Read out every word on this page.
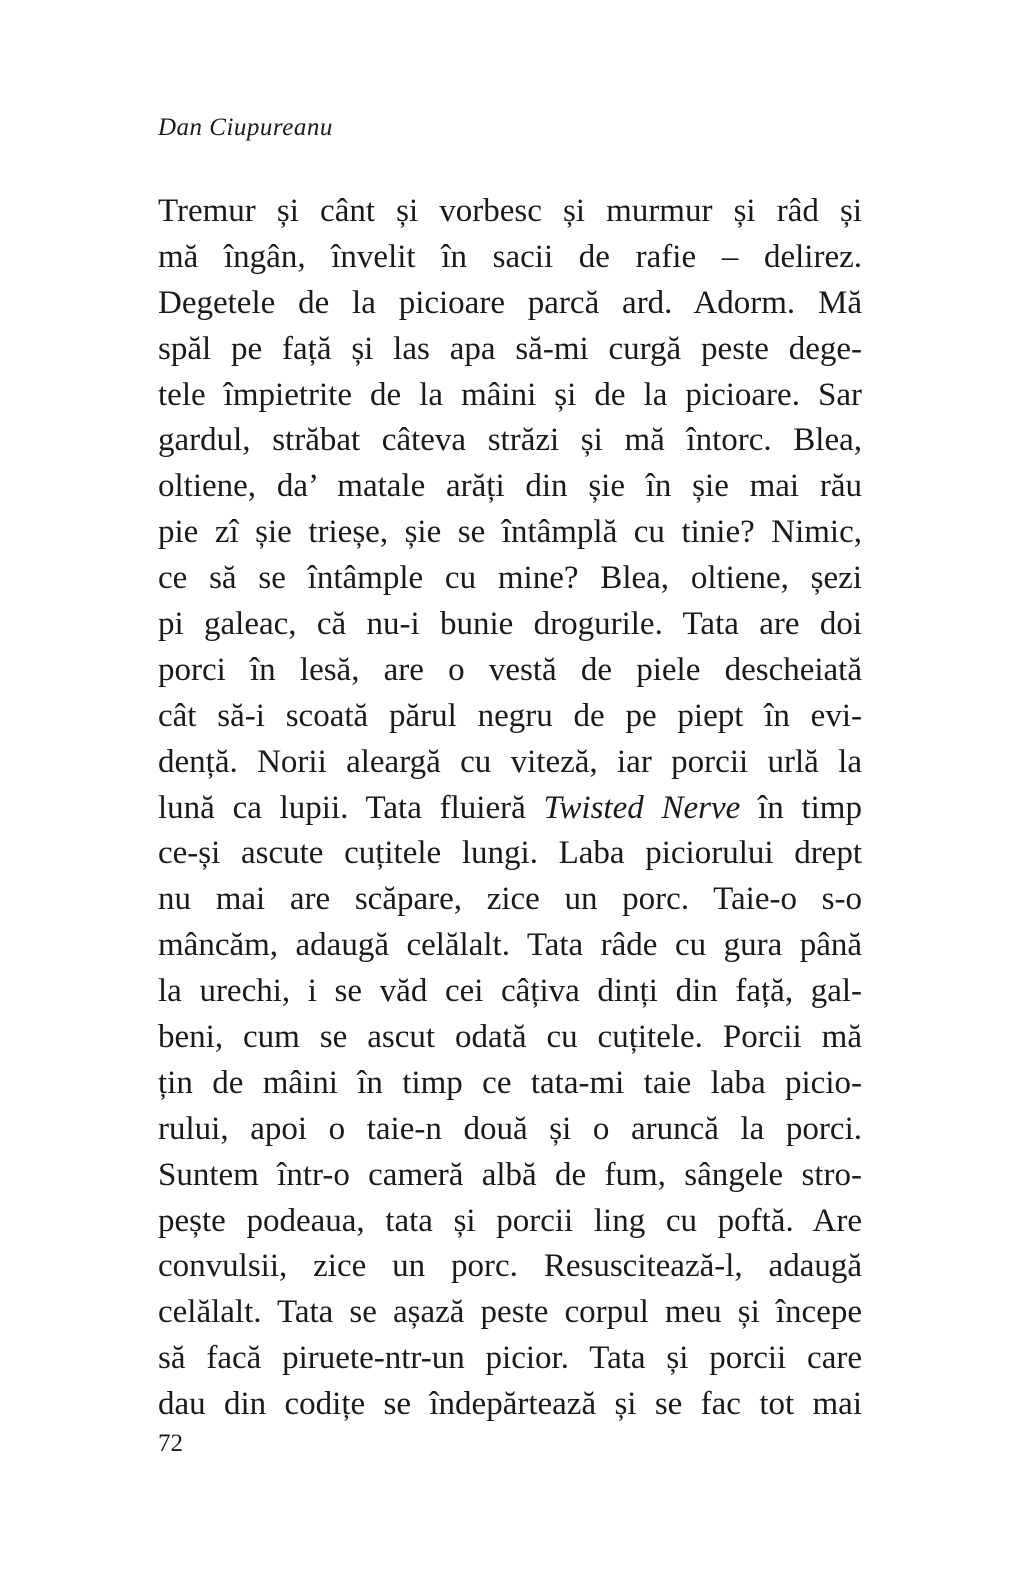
Dan Ciupureanu
Tremur și cânt și vorbesc și murmur și râd și
mă îngân, învelit în sacii de rafie – delirez.
Degetele de la picioare parcă ard. Adorm. Mă
spăl pe față și las apa să-mi curgă peste dege-
tele împietrite de la mâini și de la picioare. Sar
gardul, străbat câteva străzi și mă întorc. Blea,
oltiene, da’ matale arăți din șie în șie mai rău
pie zî șie trieșe, șie se întâmplă cu tinie? Nimic,
ce să se întâmple cu mine? Blea, oltiene, șezi
pi galeac, că nu-i bunie drogurile. Tata are doi
porci în lesă, are o vestă de piele descheiată
cât să-i scoată părul negru de pe piept în evi-
dență. Norii aleargă cu viteză, iar porcii urlă la
lună ca lupii. Tata fluieră Twisted Nerve în timp
ce-și ascute cuțitele lungi. Laba piciorului drept
nu mai are scăpare, zice un porc. Taie-o s-o
mâncăm, adaugă celălalt. Tata râde cu gura până
la urechi, i se văd cei câțiva dinți din față, gal-
beni, cum se ascut odată cu cuțitele. Porcii mă
țin de mâini în timp ce tata-mi taie laba picio-
rului, apoi o taie-n două și o aruncă la porci.
Suntem într-o cameră albă de fum, sângele stro-
pește podeaua, tata și porcii ling cu poftă. Are
convulsii, zice un porc. Resuscitează-l, adaugă
celălalt. Tata se așază peste corpul meu și începe
să facă piruete-ntr-un picior. Tata și porcii care
dau din codițe se îndepărtează și se fac tot mai
72
